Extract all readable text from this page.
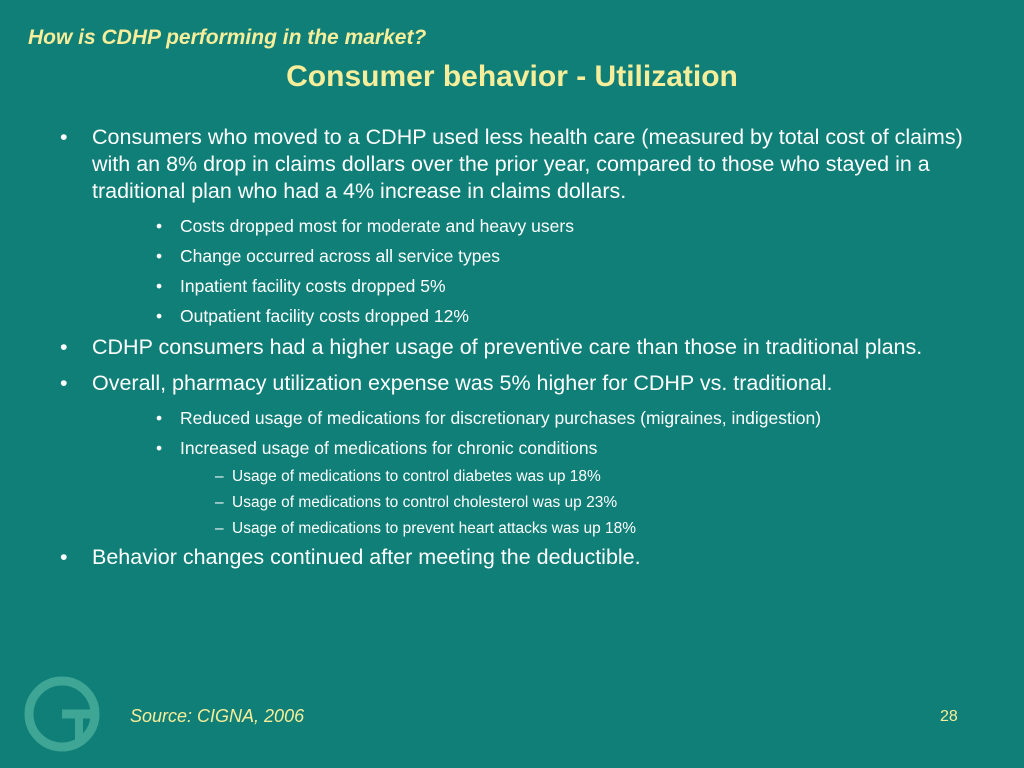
How is CDHP performing in the market?
Consumer behavior - Utilization
• Consumers who moved to a CDHP used less health care (measured by total cost of claims) with an 8% drop in claims dollars over the prior year, compared to those who stayed in a traditional plan who had a 4% increase in claims dollars.
• Costs dropped most for moderate and heavy users
• Change occurred across all service types
• Inpatient facility costs dropped 5%
• Outpatient facility costs dropped 12%
• CDHP consumers had a higher usage of preventive care than those in traditional plans.
• Overall, pharmacy utilization expense was 5% higher for CDHP vs. traditional.
• Reduced usage of medications for discretionary purchases (migraines, indigestion)
• Increased usage of medications for chronic conditions
– Usage of medications to control diabetes was up 18%
– Usage of medications to control cholesterol was up 23%
– Usage of medications to prevent heart attacks was up 18%
• Behavior changes continued after meeting the deductible.
Source: CIGNA, 2006	28
